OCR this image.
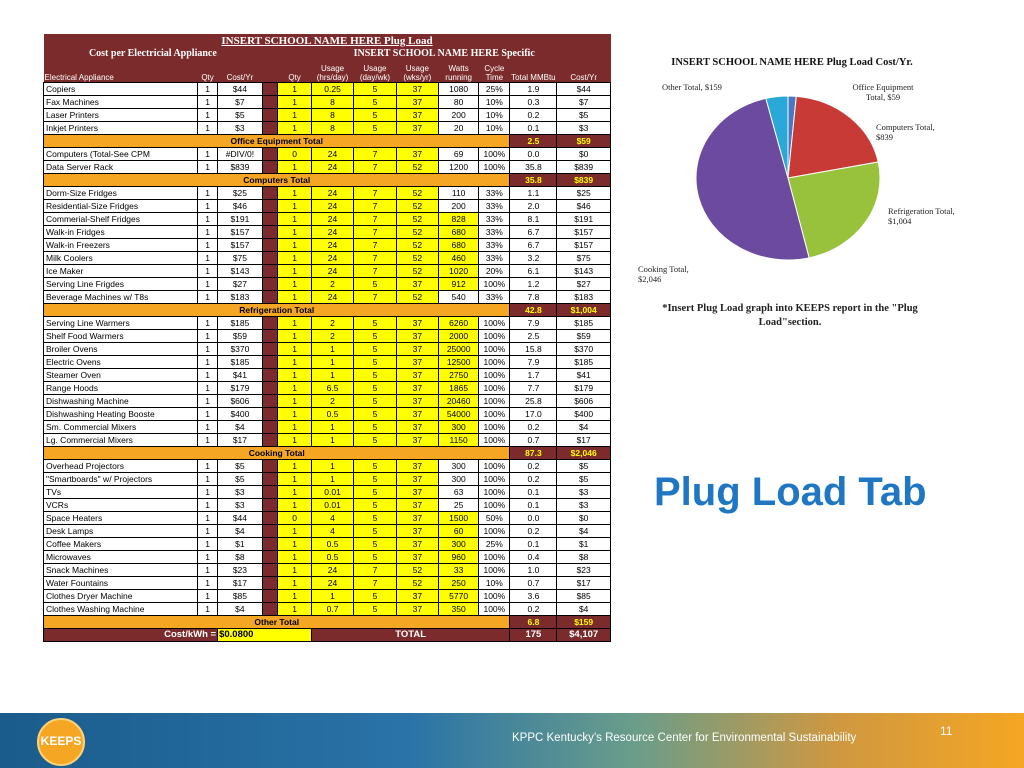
INSERT SCHOOL NAME HERE Plug Load											
Cost per Electricial Appliance				INSERT SCHOOL NAME HERE Specific							
Electrical Appliance	Qty	Cost/Yr		Qty	Usage (hrs/day)	Usage (day/wk)	Usage (wks/yr)	Watts running	Cycle Time	Total MMBtu	Cost/Yr
Copiers	1	$44		1	0.25	5	37	1080	25%	1.9	$44
Fax Machines	1	$7		1	8	5	37	80	10%	0.3	$7
Laser Printers	1	$5		1	8	5	37	200	10%	0.2	$5
Inkjet Printers	1	$3		1	8	5	37	20	10%	0.1	$3
Office Equipment Total										2.5	$59
Computers (Total-See CPM	1	#DIV/0!		0	24	7	37	69	100%	0.0	$0
Data Server Rack	1	$839		1	24	7	52	1200	100%	35.8	$839
Computers Total										35.8	$839
Dorm-Size Fridges	1	$25		1	24	7	52	110	33%	1.1	$25
Residential-Size Fridges	1	$46		1	24	7	52	200	33%	2.0	$46
Commerial-Shelf Fridges	1	$191		1	24	7	52	828	33%	8.1	$191
Walk-in Fridges	1	$157		1	24	7	52	680	33%	6.7	$157
Walk-in Freezers	1	$157		1	24	7	52	680	33%	6.7	$157
Milk Coolers	1	$75		1	24	7	52	460	33%	3.2	$75
Ice Maker	1	$143		1	24	7	52	1020	20%	6.1	$143
Serving Line Frigdes	1	$27		1	2	5	37	912	100%	1.2	$27
Beverage Machines w/ T8s	1	$183		1	24	7	52	540	33%	7.8	$183
Refrigeration Total										42.8	$1,004
Serving Line Warmers	1	$185		1	2	5	37	6260	100%	7.9	$185
Shelf Food Warmers	1	$59		1	2	5	37	2000	100%	2.5	$59
Broiler Ovens	1	$370		1	1	5	37	25000	100%	15.8	$370
Electric Ovens	1	$185		1	1	5	37	12500	100%	7.9	$185
Steamer Oven	1	$41		1	1	5	37	2750	100%	1.7	$41
Range Hoods	1	$179		1	6.5	5	37	1865	100%	7.7	$179
Dishwashing Machine	1	$606		1	2	5	37	20460	100%	25.8	$606
Dishwashing Heating Booste	1	$400		1	0.5	5	37	54000	100%	17.0	$400
Sm. Commercial Mixers	1	$4		1	1	5	37	300	100%	0.2	$4
Lg. Commercial Mixers	1	$17		1	1	5	37	1150	100%	0.7	$17
Cooking Total										87.3	$2,046
Overhead Projectors	1	$5		1	1	5	37	300	100%	0.2	$5
"Smartboards" w/ Projectors	1	$5		1	1	5	37	300	100%	0.2	$5
TVs	1	$3		1	0.01	5	37	63	100%	0.1	$3
VCRs	1	$3		1	0.01	5	37	25	100%	0.1	$3
Space Heaters	1	$44		0	4	5	37	1500	50%	0.0	$0
Desk Lamps	1	$4		1	4	5	37	60	100%	0.2	$4
Coffee Makers	1	$1		1	0.5	5	37	300	25%	0.1	$1
Microwaves	1	$8		1	0.5	5	37	960	100%	0.4	$8
Snack Machines	1	$23		1	24	7	52	33	100%	1.0	$23
Water Fountains	1	$17		1	24	7	52	250	10%	0.7	$17
Clothes Dryer Machine	1	$85		1	1	5	37	5770	100%	3.6	$85
Clothes Washing Machine	1	$4		1	0.7	5	37	350	100%	0.2	$4
Other Total										6.8	$159
Cost/kWh =		$0.0800			TOTAL					175	$4,107
INSERT SCHOOL NAME HERE Plug Load Cost/Yr.
Office Equipment Total, $59
Computers Total, $839
Refrigeration Total, $1,004
Cooking Total, $2,046
Other Total, $159
*Insert Plug Load graph into KEEPS report in the "Plug Load"section.
Plug Load Tab
KEEPS	KPPC Kentucky’s Resource Center for Environmental Sustainability	11
